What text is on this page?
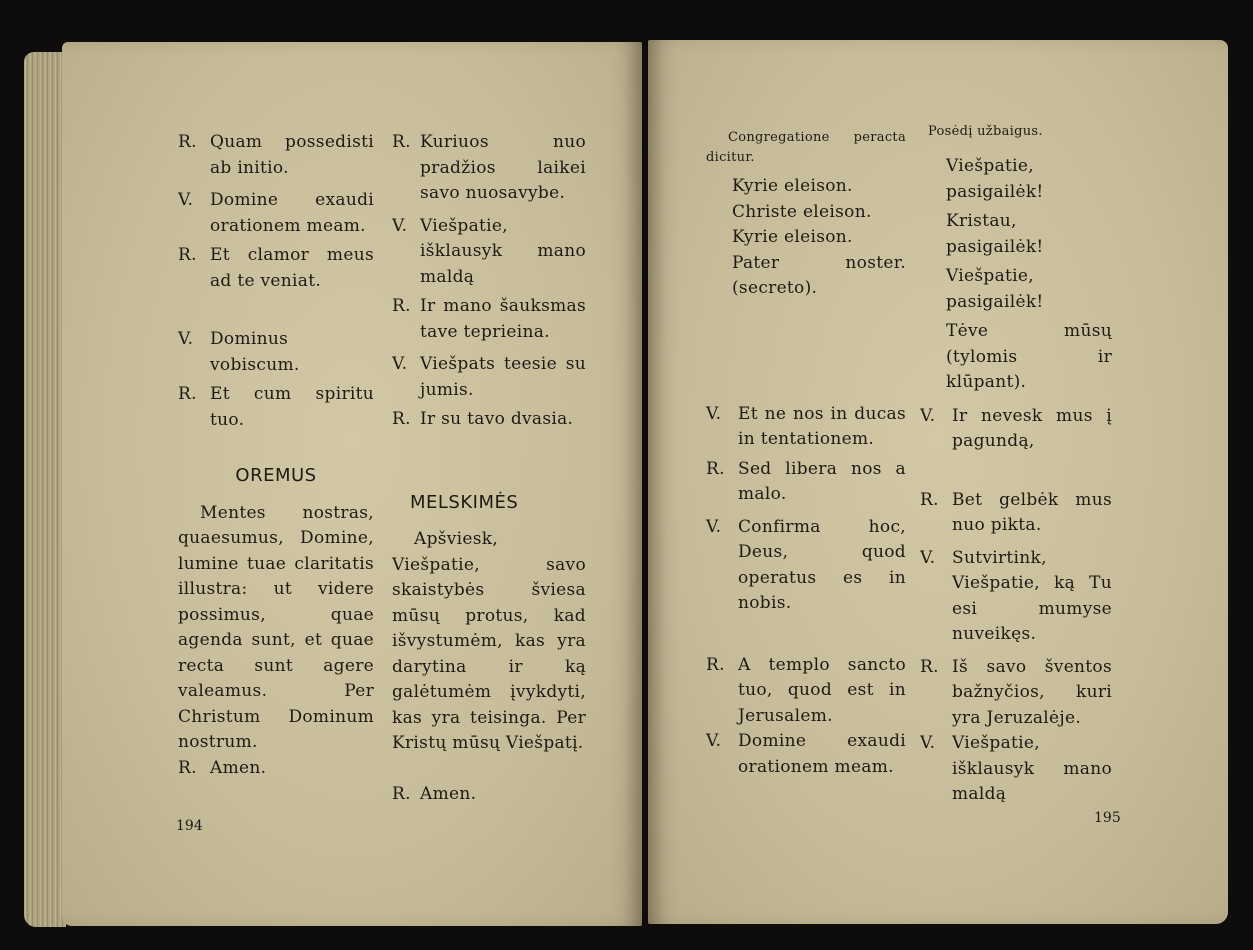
R. Quam possedisti ab initio.
V. Domine exaudi orationem meam.
R. Et clamor meus ad te veniat.
V. Dominus vobiscum.
R. Et cum spiritu tuo.
OREMUS
Mentes nostras, quaesumus, Domine, lumine tuae claritatis illustra: ut videre possimus, quae agenda sunt, et quae recta sunt agere valeamus. Per Christum Dominum nostrum.
R. Amen.
R. Kuriuos nuo pradžios laikei savo nuosavybe.
V. Viešpatie, išklausyk mano maldą
R. Ir mano šauksmas tave teprieina.
V. Viešpats teesie su jumis.
R. Ir su tavo dvasia.
MELSKIMĖS
Apšviesk, Viešpatie, savo skaistybės šviesa mūsų protus, kad išvystumėm, kas yra darytina ir ką galėtumėm įvykdyti, kas yra teisinga. Per Kristų mūsų Viešpatį.
R. Amen.
194
Congregatione peracta dicitur.
Kyrie eleison.
Christe eleison.
Kyrie eleison.
Pater noster. (secreto).
V. Et ne nos in ducas in tentationem.
R. Sed libera nos a malo.
V. Confirma hoc, Deus, quod operatus es in nobis.
R. A templo sancto tuo, quod est in Jerusalem.
V. Domine exaudi orationem meam.
Posėdį užbaigus.
Viešpatie, pasigailėk!
Kristau, pasigailėk!
Viešpatie, pasigailėk!
Tėve mūsų (tylomis ir klūpant).
V. Ir nevesk mus į pagundą,
R. Bet gelbėk mus nuo pikta.
V. Sutvirtink, Viešpatie, ką Tu esi mumyse nuveikęs.
R. Iš savo šventos bažnyčios, kuri yra Jeruzalėje.
V. Viešpatie, išklausyk mano maldą
195
